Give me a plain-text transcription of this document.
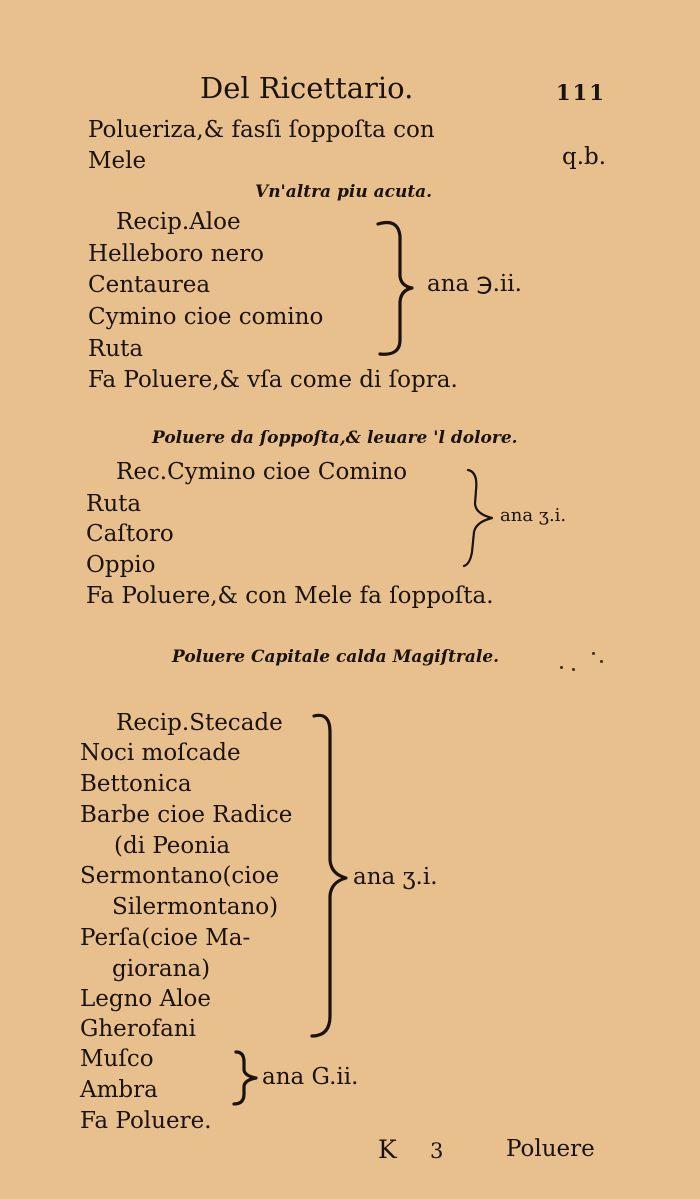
Del Ricettario.	111
Polueriza,& fasſi ſoppoſta con
Mele	q.b.
Vn'altra piu acuta.
Recip.Aloe
Helleboro nero
Centaurea
Cymino cioe comino
Ruta
ana ℈.ii.
Fa Poluere,& vſa come di ſopra.
Poluere da ſoppoſta,& leuare 'l dolore.
Rec.Cymino cioe Comino
Ruta
Caſtoro
Oppio
ana ʒ.i.
Fa Poluere,& con Mele fa ſoppoſta.
Poluere Capitale calda Magiſtrale.
Recip.Stecade
Noci moſcade
Bettonica
Barbe cioe Radice
(di Peonia
Sermontano(cioe
Silermontano)
Perſa(cioe Ma-
giorana)
Legno Aloe
Gherofani
ana ʒ.i.
Muſco
Ambra	ana G.ii.
Fa Poluere.
K 3	Poluere
